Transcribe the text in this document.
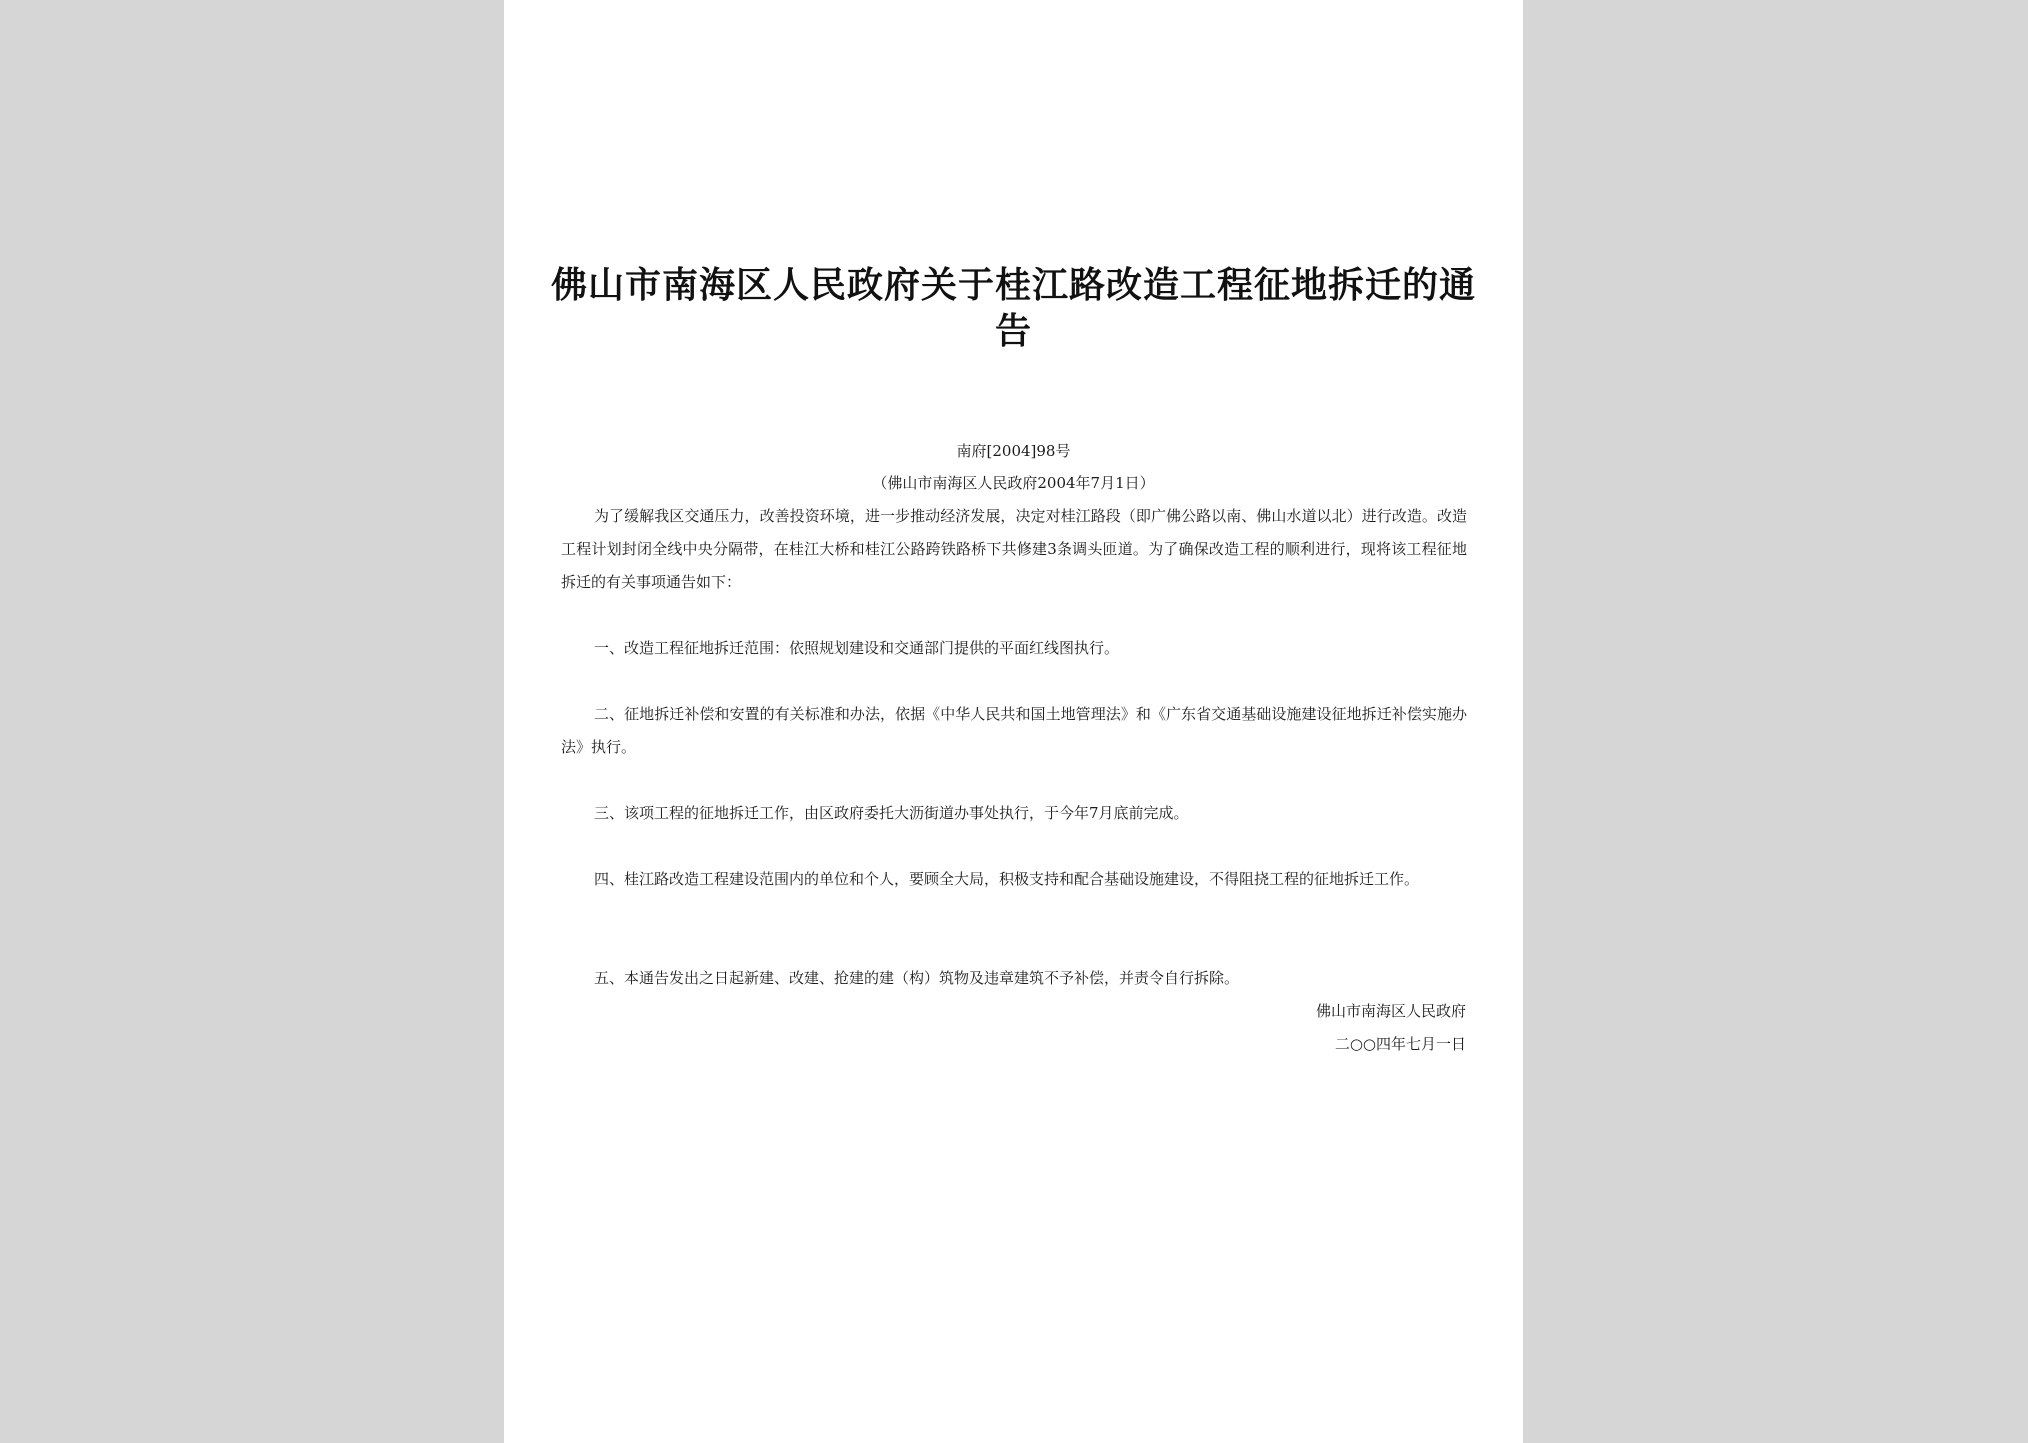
佛山市南海区人民政府关于桂江路改造工程征地拆迁的通告
南府[2004]98号
（佛山市南海区人民政府2004年7月1日）
为了缓解我区交通压力，改善投资环境，进一步推动经济发展，决定对桂江路段（即广佛公路以南、佛山水道以北）进行改造。改造工程计划封闭全线中央分隔带，在桂江大桥和桂江公路跨铁路桥下共修建3条调头匝道。为了确保改造工程的顺利进行，现将该工程征地拆迁的有关事项通告如下：
一、改造工程征地拆迁范围：依照规划建设和交通部门提供的平面红线图执行。
二、征地拆迁补偿和安置的有关标准和办法，依据《中华人民共和国土地管理法》和《广东省交通基础设施建设征地拆迁补偿实施办法》执行。
三、该项工程的征地拆迁工作，由区政府委托大沥街道办事处执行，于今年7月底前完成。
四、桂江路改造工程建设范围内的单位和个人，要顾全大局，积极支持和配合基础设施建设，不得阻挠工程的征地拆迁工作。
五、本通告发出之日起新建、改建、抢建的建（构）筑物及违章建筑不予补偿，并责令自行拆除。
佛山市南海区人民政府
二○○四年七月一日
